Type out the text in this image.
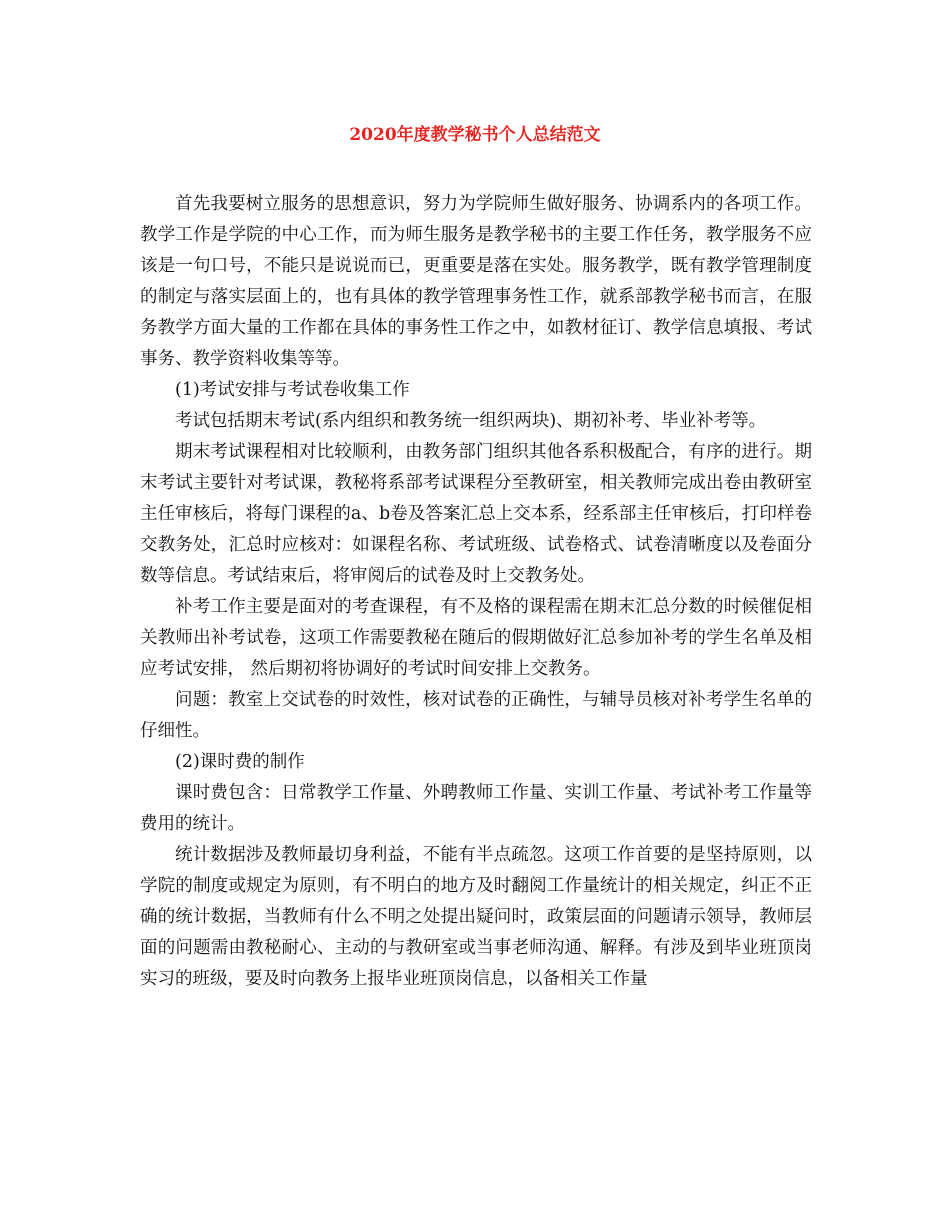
2020年度教学秘书个人总结范文

首先我要树立服务的思想意识，努力为学院师生做好服务、协调系内的各项工作。教学工作是学院的中心工作，而为师生服务是教学秘书的主要工作任务，教学服务不应该是一句口号，不能只是说说而已，更重要是落在实处。服务教学，既有教学管理制度的制定与落实层面上的，也有具体的教学管理事务性工作，就系部教学秘书而言，在服务教学方面大量的工作都在具体的事务性工作之中，如教材征订、教学信息填报、考试事务、教学资料收集等等。

(1)考试安排与考试卷收集工作

考试包括期末考试(系内组织和教务统一组织两块)、期初补考、毕业补考等。

期末考试课程相对比较顺利，由教务部门组织其他各系积极配合，有序的进行。期末考试主要针对考试课，教秘将系部考试课程分至教研室，相关教师完成出卷由教研室主任审核后，将每门课程的a、b卷及答案汇总上交本系，经系部主任审核后，打印样卷交教务处，汇总时应核对：如课程名称、考试班级、试卷格式、试卷清晰度以及卷面分数等信息。考试结束后，将审阅后的试卷及时上交教务处。

补考工作主要是面对的考查课程，有不及格的课程需在期末汇总分数的时候催促相关教师出补考试卷，这项工作需要教秘在随后的假期做好汇总参加补考的学生名单及相应考试安排， 然后期初将协调好的考试时间安排上交教务。

问题：教室上交试卷的时效性，核对试卷的正确性，与辅导员核对补考学生名单的仔细性。

(2)课时费的制作

课时费包含：日常教学工作量、外聘教师工作量、实训工作量、考试补考工作量等费用的统计。

统计数据涉及教师最切身利益，不能有半点疏忽。这项工作首要的是坚持原则，以学院的制度或规定为原则，有不明白的地方及时翻阅工作量统计的相关规定，纠正不正确的统计数据，当教师有什么不明之处提出疑问时，政策层面的问题请示领导，教师层面的问题需由教秘耐心、主动的与教研室或当事老师沟通、解释。有涉及到毕业班顶岗实习的班级，要及时向教务上报毕业班顶岗信息，以备相关工作量
